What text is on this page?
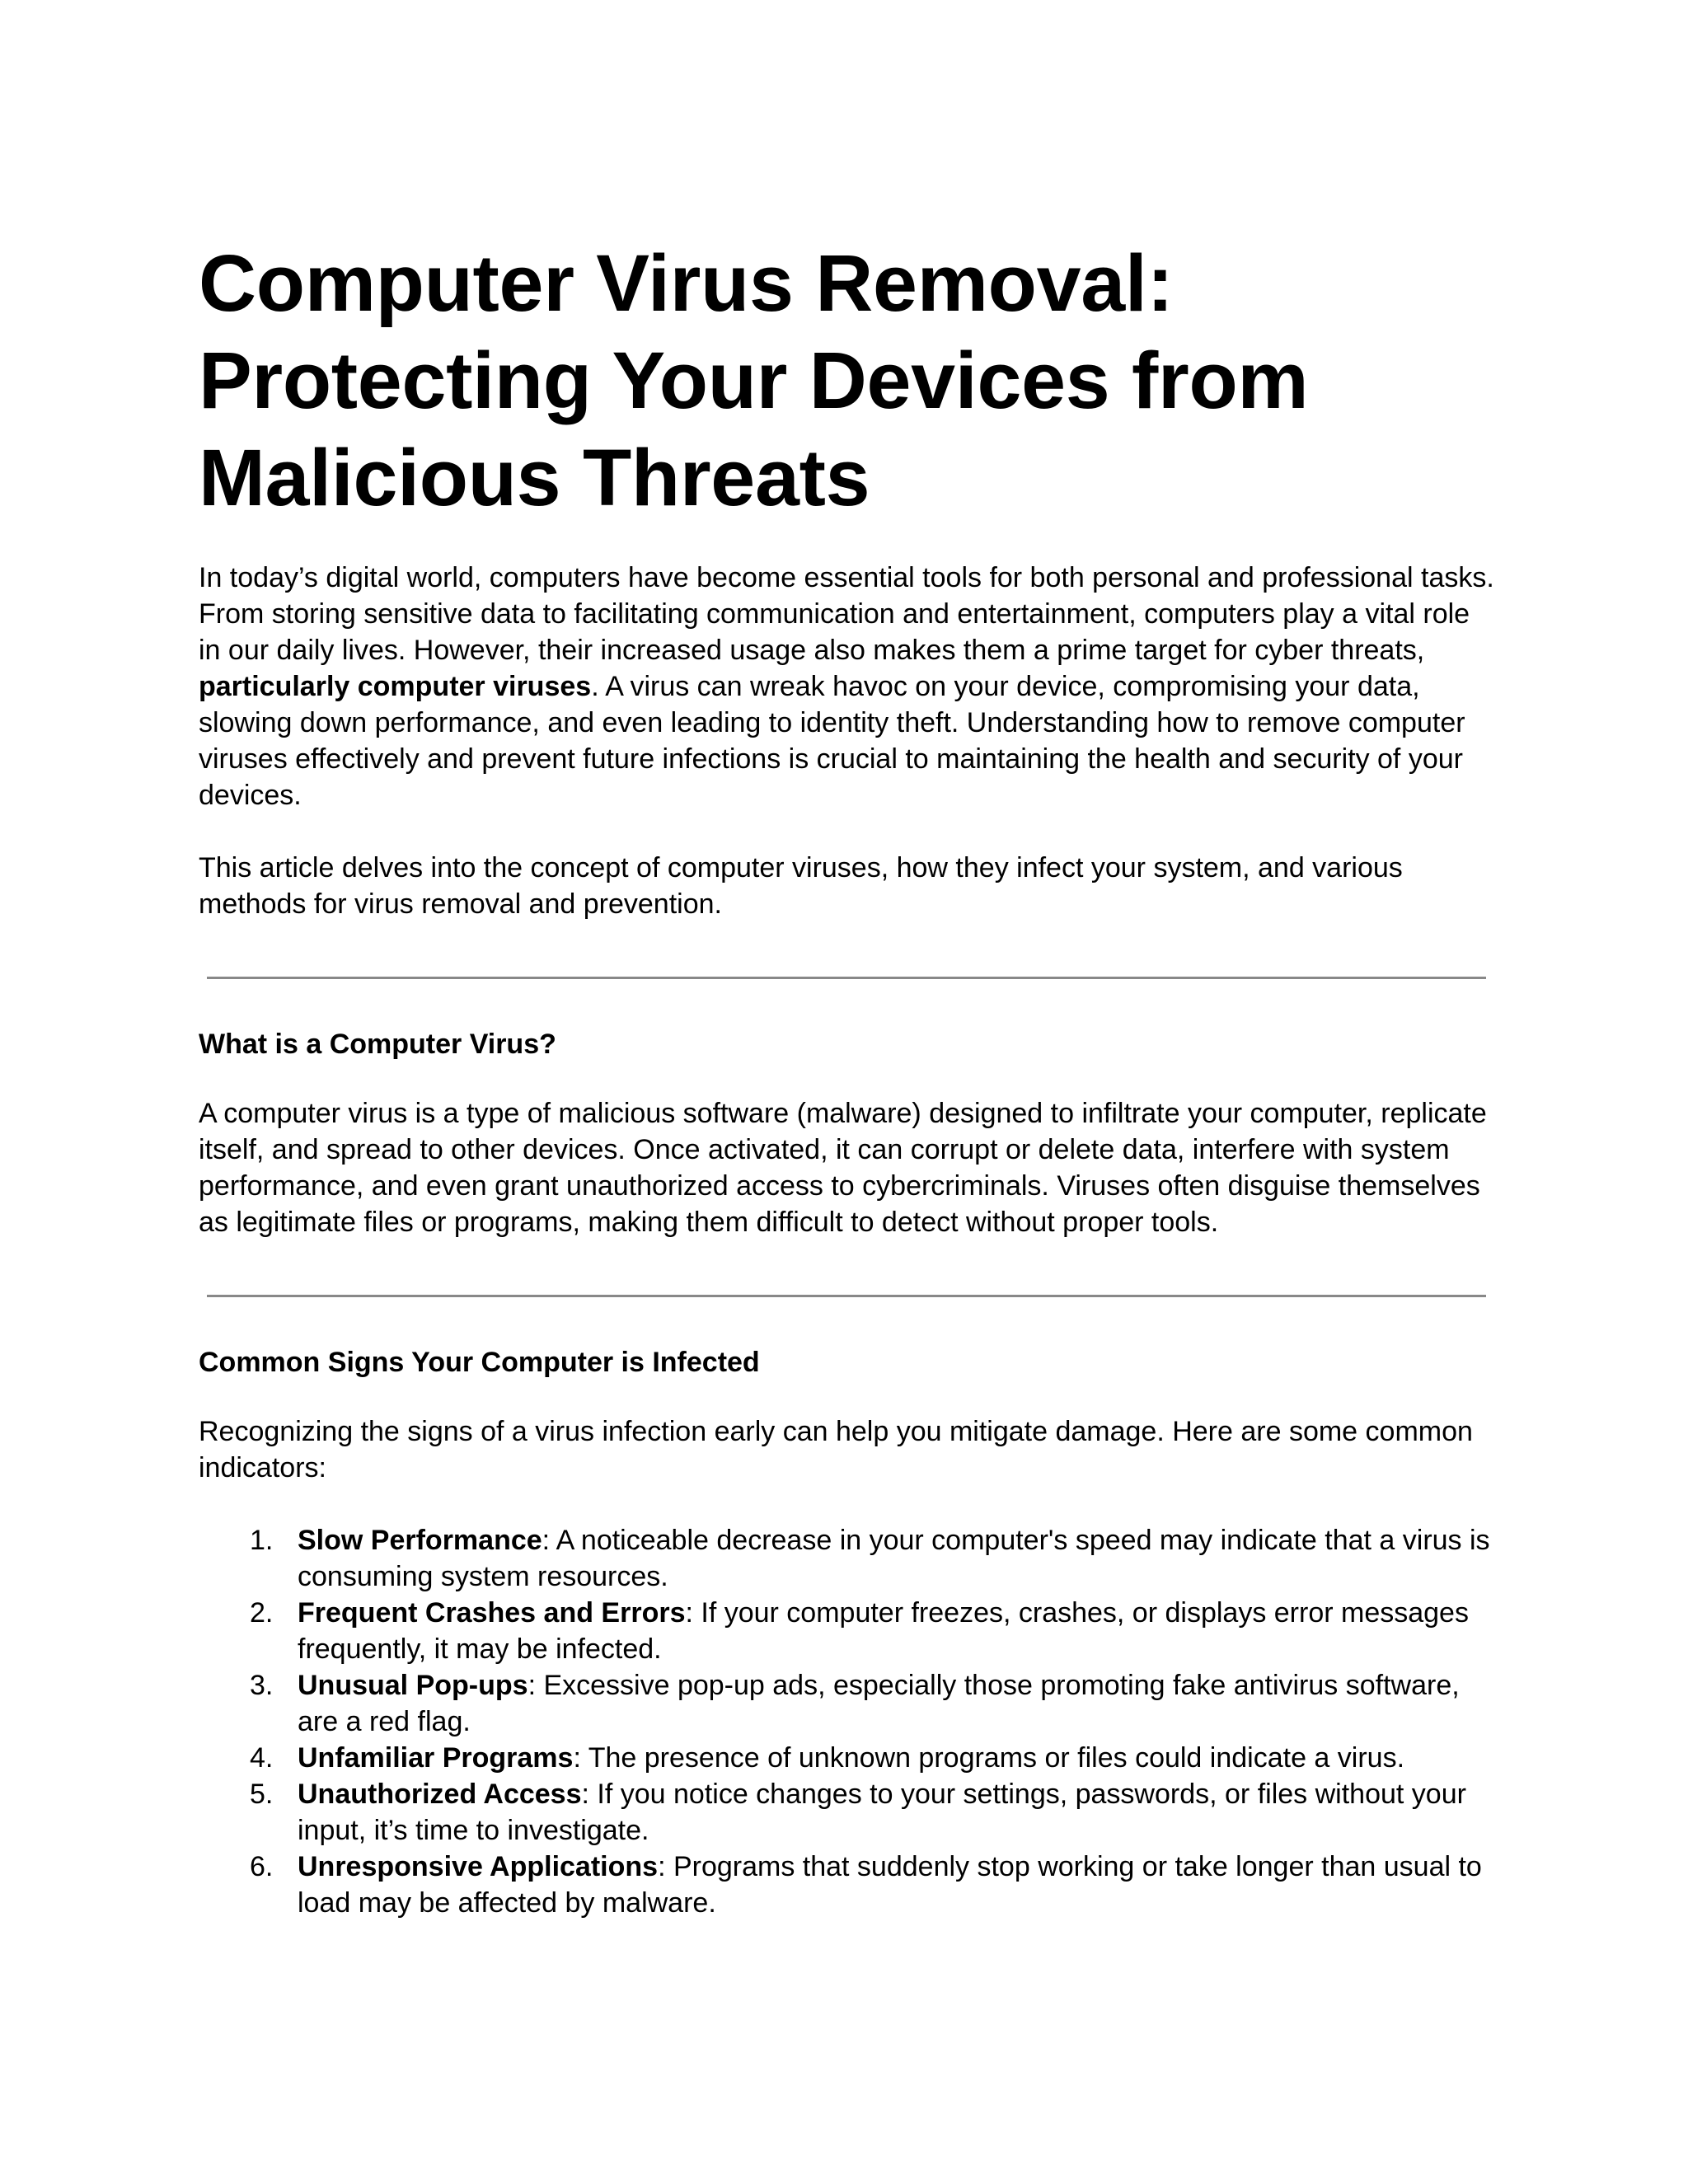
Computer Virus Removal: Protecting Your Devices from Malicious Threats

In today’s digital world, computers have become essential tools for both personal and professional tasks. From storing sensitive data to facilitating communication and entertainment, computers play a vital role in our daily lives. However, their increased usage also makes them a prime target for cyber threats, particularly computer viruses. A virus can wreak havoc on your device, compromising your data, slowing down performance, and even leading to identity theft. Understanding how to remove computer viruses effectively and prevent future infections is crucial to maintaining the health and security of your devices.

This article delves into the concept of computer viruses, how they infect your system, and various methods for virus removal and prevention.

What is a Computer Virus?

A computer virus is a type of malicious software (malware) designed to infiltrate your computer, replicate itself, and spread to other devices. Once activated, it can corrupt or delete data, interfere with system performance, and even grant unauthorized access to cybercriminals. Viruses often disguise themselves as legitimate files or programs, making them difficult to detect without proper tools.

Common Signs Your Computer is Infected

Recognizing the signs of a virus infection early can help you mitigate damage. Here are some common indicators:

1. Slow Performance: A noticeable decrease in your computer's speed may indicate that a virus is consuming system resources.
2. Frequent Crashes and Errors: If your computer freezes, crashes, or displays error messages frequently, it may be infected.
3. Unusual Pop-ups: Excessive pop-up ads, especially those promoting fake antivirus software, are a red flag.
4. Unfamiliar Programs: The presence of unknown programs or files could indicate a virus.
5. Unauthorized Access: If you notice changes to your settings, passwords, or files without your input, it’s time to investigate.
6. Unresponsive Applications: Programs that suddenly stop working or take longer than usual to load may be affected by malware.
